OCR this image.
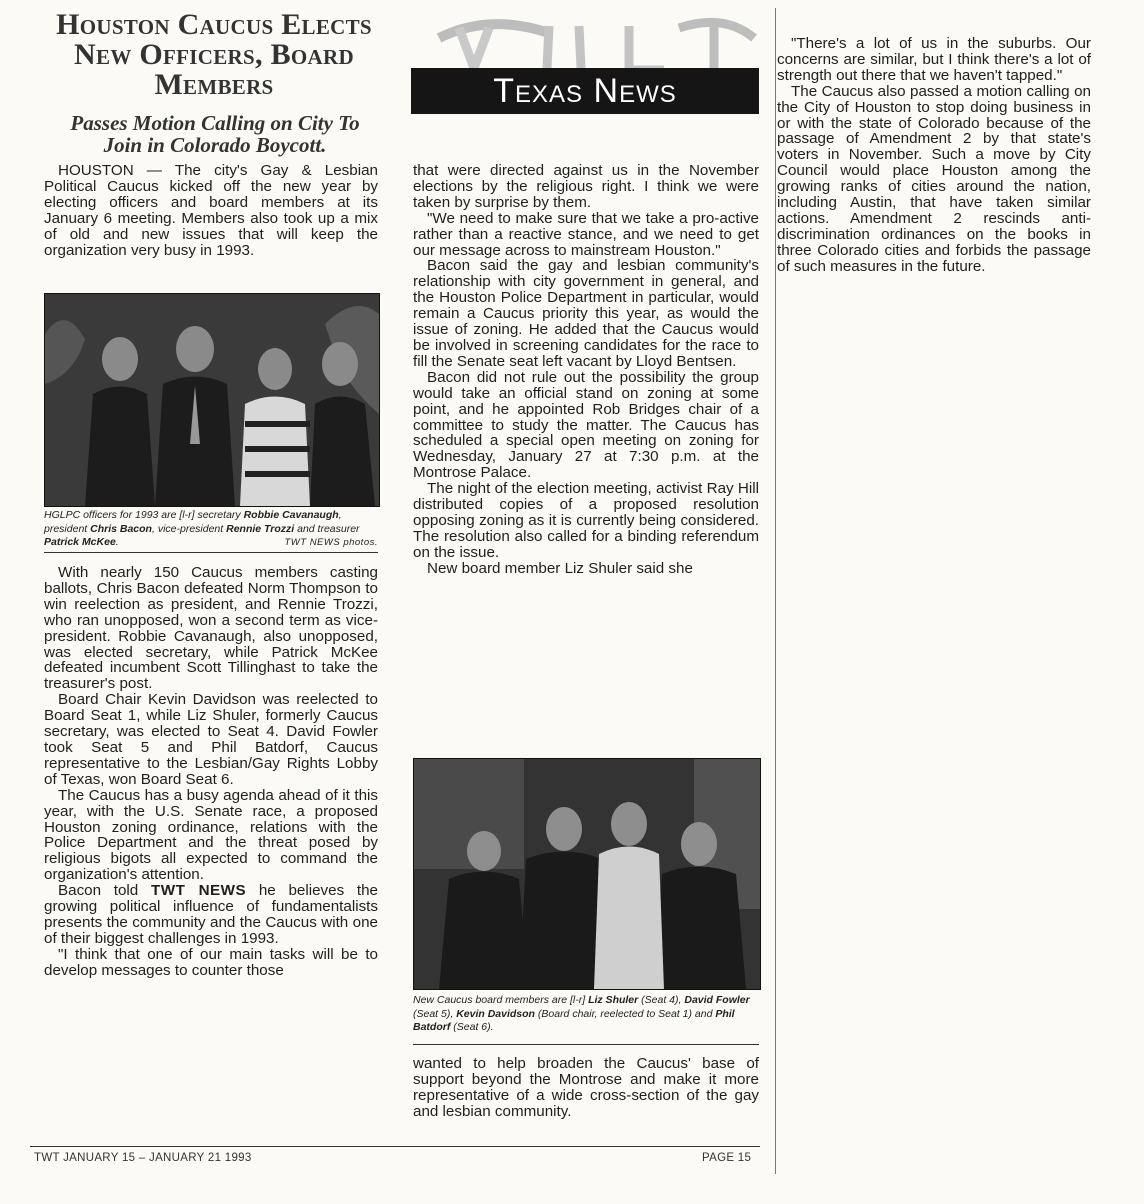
Houston Caucus Elects New Officers, Board Members
Passes Motion Calling on City To Join in Colorado Boycott.
Texas News

HOUSTON — The city's Gay & Lesbian Political Caucus kicked off the new year by electing officers and board members at its January 6 meeting. Members also took up a mix of old and new issues that will keep the organization very busy in 1993.

HGLPC officers for 1993 are [l-r] secretary Robbie Cavanaugh, president Chris Bacon, vice-president Rennie Trozzi and treasurer Patrick McKee.	TWT NEWS photos.

With nearly 150 Caucus members casting ballots, Chris Bacon defeated Norm Thompson to win reelection as president, and Rennie Trozzi, who ran unopposed, won a second term as vice-president. Robbie Cavanaugh, also unopposed, was elected secretary, while Patrick McKee defeated incumbent Scott Tillinghast to take the treasurer's post.

Board Chair Kevin Davidson was reelected to Board Seat 1, while Liz Shuler, formerly Caucus secretary, was elected to Seat 4. David Fowler took Seat 5 and Phil Batdorf, Caucus representative to the Lesbian/Gay Rights Lobby of Texas, won Board Seat 6.

The Caucus has a busy agenda ahead of it this year, with the U.S. Senate race, a proposed Houston zoning ordinance, relations with the Police Department and the threat posed by religious bigots all expected to command the organization's attention.

Bacon told TWT NEWS he believes the growing political influence of fundamentalists presents the community and the Caucus with one of their biggest challenges in 1993.

"I think that one of our main tasks will be to develop messages to counter those

that were directed against us in the November elections by the religious right. I think we were taken by surprise by them.

"We need to make sure that we take a pro-active rather than a reactive stance, and we need to get our message across to mainstream Houston."

Bacon said the gay and lesbian community's relationship with city government in general, and the Houston Police Department in particular, would remain a Caucus priority this year, as would the issue of zoning. He added that the Caucus would be involved in screening candidates for the race to fill the Senate seat left vacant by Lloyd Bentsen.

Bacon did not rule out the possibility the group would take an official stand on zoning at some point, and he appointed Rob Bridges chair of a committee to study the matter. The Caucus has scheduled a special open meeting on zoning for Wednesday, January 27 at 7:30 p.m. at the Montrose Palace.

The night of the election meeting, activist Ray Hill distributed copies of a proposed resolution opposing zoning as it is currently being considered. The resolution also called for a binding referendum on the issue.

New board member Liz Shuler said she

New Caucus board members are [l-r] Liz Shuler (Seat 4), David Fowler (Seat 5), Kevin Davidson (Board chair, reelected to Seat 1) and Phil Batdorf (Seat 6).

wanted to help broaden the Caucus' base of support beyond the Montrose and make it more representative of a wide cross-section of the gay and lesbian community.

"There's a lot of us in the suburbs. Our concerns are similar, but I think there's a lot of strength out there that we haven't tapped."

The Caucus also passed a motion calling on the City of Houston to stop doing business in or with the state of Colorado because of the passage of Amendment 2 by that state's voters in November. Such a move by City Council would place Houston among the growing ranks of cities around the nation, including Austin, that have taken similar actions. Amendment 2 rescinds anti-discrimination ordinances on the books in three Colorado cities and forbids the passage of such measures in the future.

TWT JANUARY 15 – JANUARY 21 1993	PAGE 15
